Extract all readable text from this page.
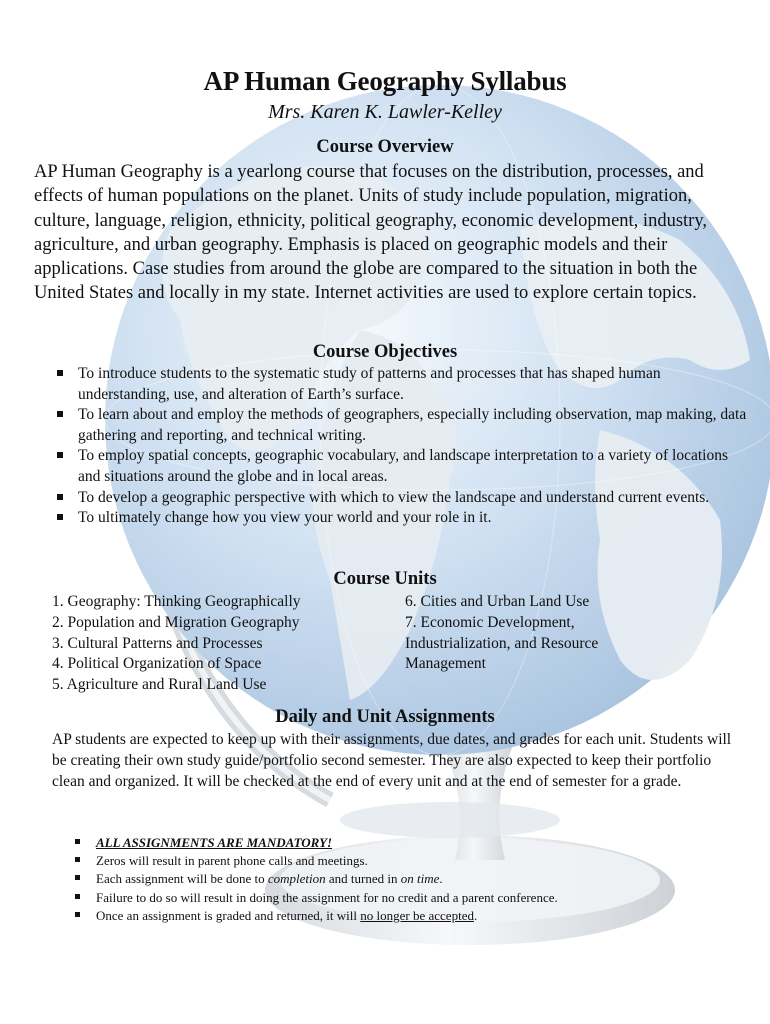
AP Human Geography Syllabus
Mrs. Karen K. Lawler-Kelley
Course Overview
AP Human Geography is a yearlong course that focuses on the distribution, processes, and effects of human populations on the planet. Units of study include population, migration, culture, language, religion, ethnicity, political geography, economic development, industry, agriculture, and urban geography. Emphasis is placed on geographic models and their applications. Case studies from around the globe are compared to the situation in both the United States and locally in my state. Internet activities are used to explore certain topics.
Course Objectives
To introduce students to the systematic study of patterns and processes that has shaped human understanding, use, and alteration of Earth’s surface.
To learn about and employ the methods of geographers, especially including observation, map making, data gathering and reporting, and technical writing.
To employ spatial concepts, geographic vocabulary, and landscape interpretation to a variety of locations and situations around the globe and in local areas.
To develop a geographic perspective with which to view the landscape and understand current events.
To ultimately change how you view your world and your role in it.
Course Units
1. Geography: Thinking Geographically
2. Population and Migration Geography
3. Cultural Patterns and Processes
4. Political Organization of Space
5. Agriculture and Rural Land Use
6. Cities and Urban Land Use
7. Economic Development,
Industrialization, and Resource
Management
Daily and Unit Assignments
AP students are expected to keep up with their assignments, due dates, and grades for each unit. Students will be creating their own study guide/portfolio second semester. They are also expected to keep their portfolio clean and organized. It will be checked at the end of every unit and at the end of semester for a grade.
ALL ASSIGNMENTS ARE MANDATORY!
Zeros will result in parent phone calls and meetings.
Each assignment will be done to completion and turned in on time.
Failure to do so will result in doing the assignment for no credit and a parent conference.
Once an assignment is graded and returned, it will no longer be accepted.
